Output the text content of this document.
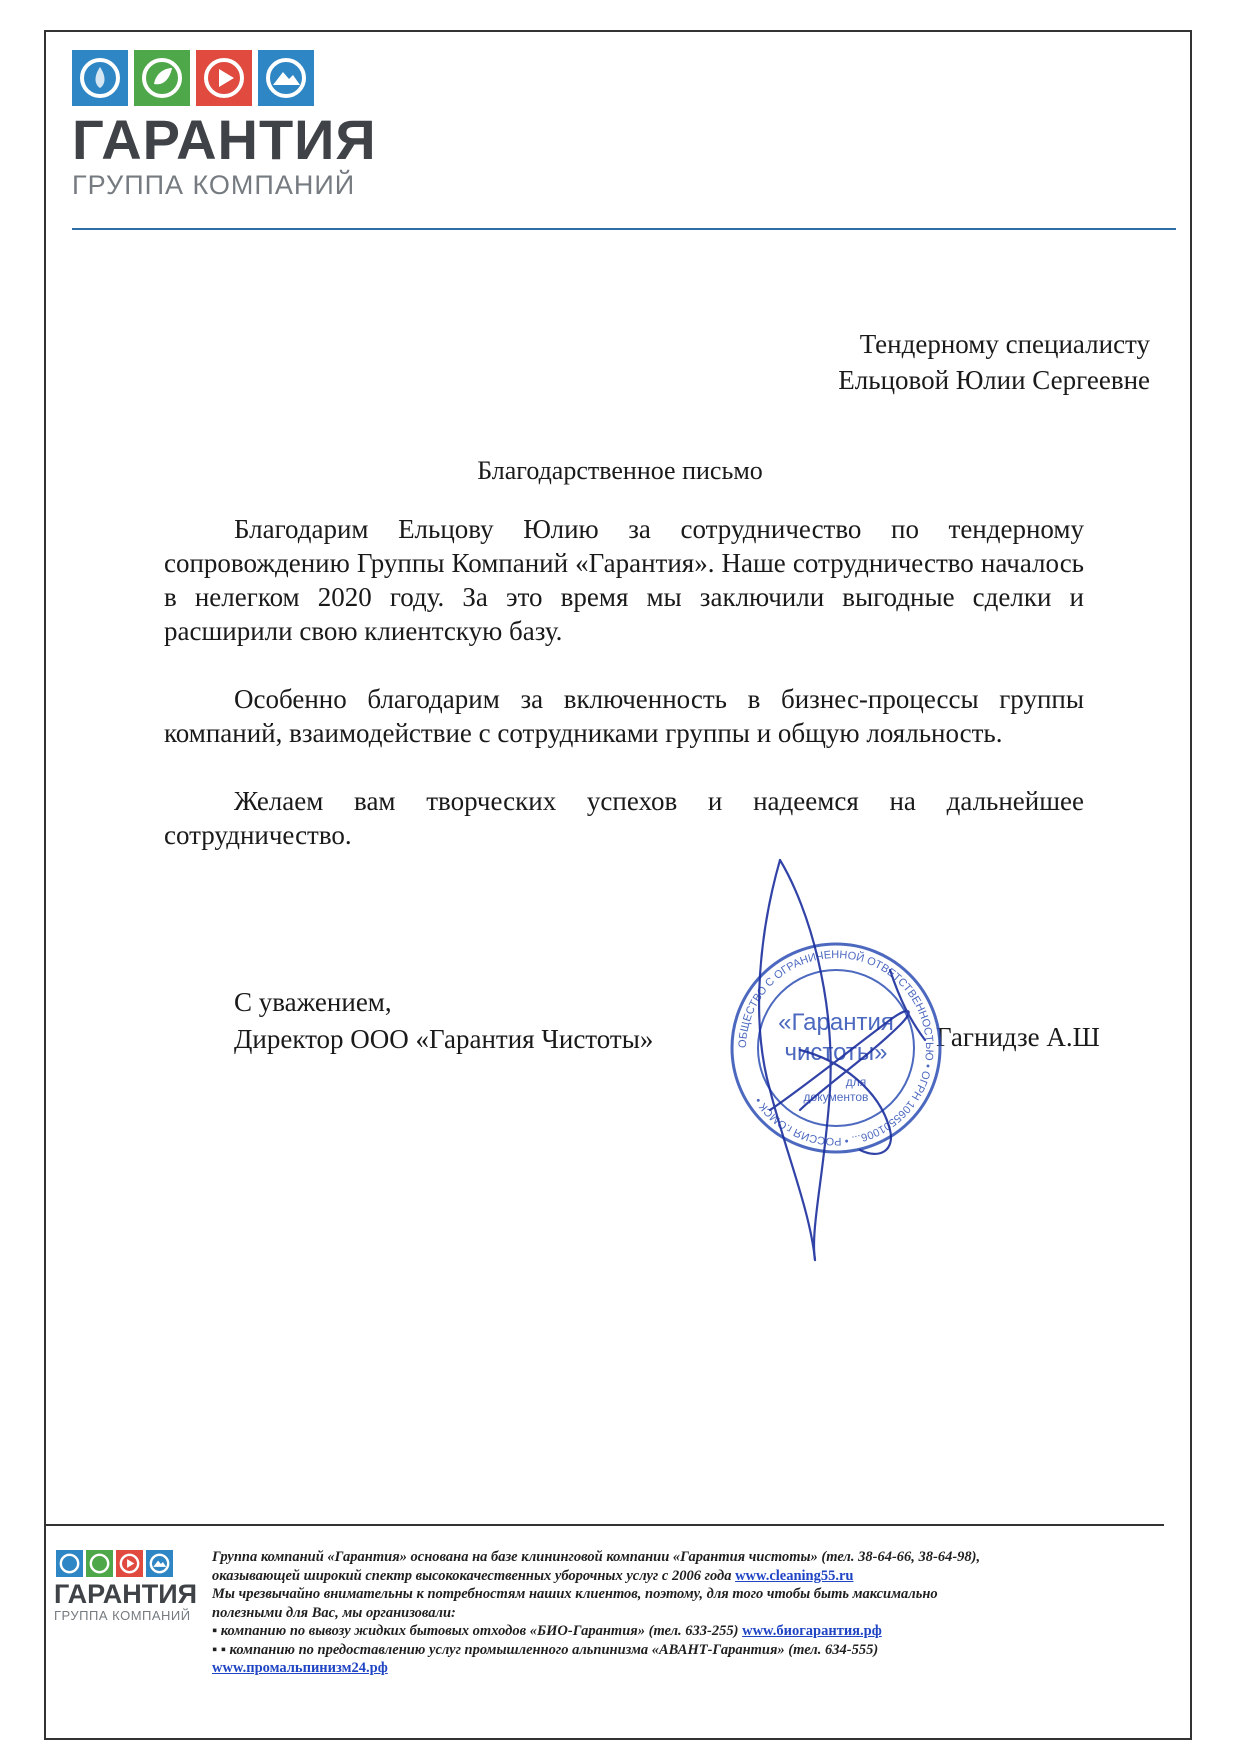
ГАРАНТИЯ
ГРУППА КОМПАНИЙ
Тендерному специалисту
Ельцовой Юлии Сергеевне
Благодарственное письмо

Благодарим Ельцову Юлию за сотрудничество по тендерному сопровождению Группы Компаний «Гарантия». Наше сотрудничество началось в нелегком 2020 году. За это время мы заключили выгодные сделки и расширили свою клиентскую базу.

Особенно благодарим за включенность в бизнес-процессы группы компаний, взаимодействие с сотрудниками группы и общую лояльность.

Желаем вам творческих успехов и надеемся на дальнейшее сотрудничество.

С уважением,
Директор ООО «Гарантия Чистоты»	Гагнидзе А.Ш
ОБЩЕСТВО С ОГРАНИЧЕННОЙ ОТВЕТСТВЕННОСТЬЮ • ОГРН 1065501006... • РОССИЯ г.ОМСК •
«Гарантия
чистоты»
для
документов
ГАРАНТИЯ
ГРУППА КОМПАНИЙ
Группа компаний «Гарантия» основана на базе клининговой компании «Гарантия чистоты» (тел. 38-64-66, 38-64-98),
оказывающей широкий спектр высококачественных уборочных услуг с 2006 года www.cleaning55.ru
Мы чрезвычайно внимательны к потребностям наших клиентов, поэтому, для того чтобы быть максимально
полезными для Вас, мы организовали:
▪ компанию по вывозу жидких бытовых отходов «БИО-Гарантия» (тел. 633-255) www.биогарантия.рф
▪ ▪ компанию по предоставлению услуг промышленного альпинизма «АВАНТ-Гарантия» (тел. 634-555)
www.промальпинизм24.рф
